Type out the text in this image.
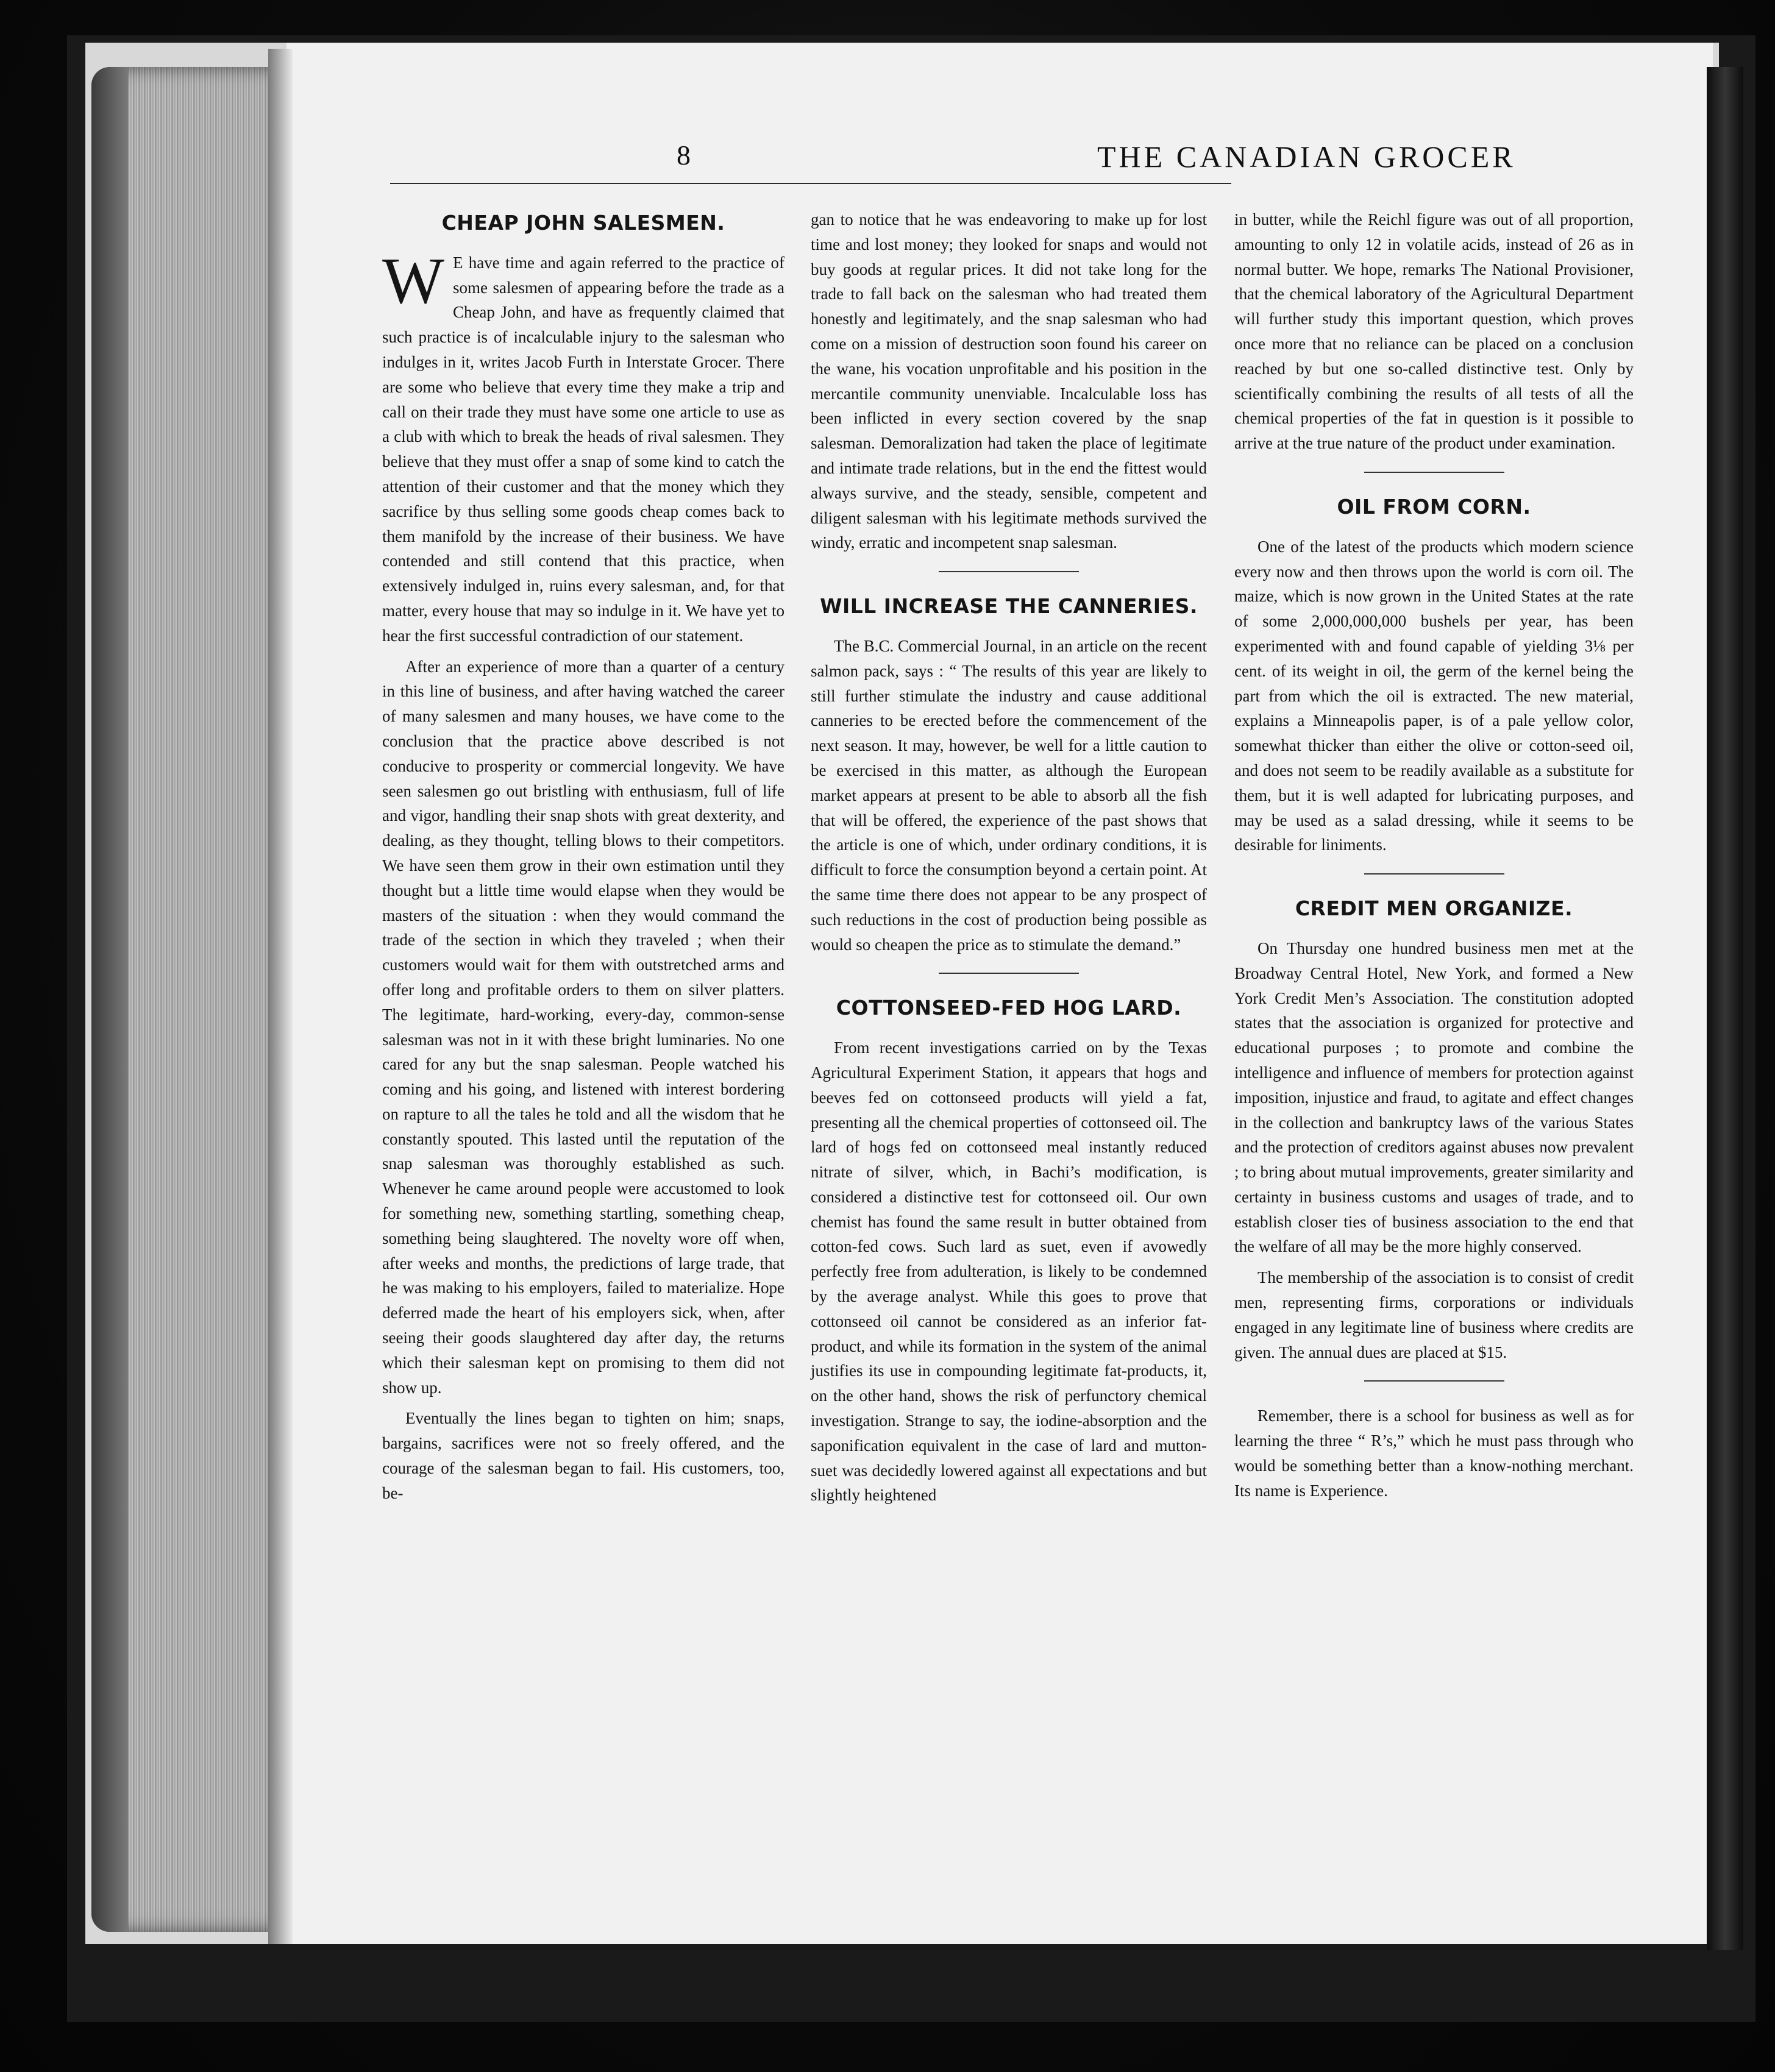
8	THE CANADIAN GROCER
CHEAP JOHN SALESMEN.

W E have time and again referred to the practice of some salesmen of appearing before the trade as a Cheap John, and have as frequently claimed that such practice is of incalculable injury to the salesman who indulges in it, writes Jacob Furth in Interstate Grocer. There are some who believe that every time they make a trip and call on their trade they must have some one article to use as a club with which to break the heads of rival salesmen. They believe that they must offer a snap of some kind to catch the attention of their customer and that the money which they sacrifice by thus selling some goods cheap comes back to them manifold by the increase of their business. We have contended and still contend that this practice, when extensively indulged in, ruins every salesman, and, for that matter, every house that may so indulge in it. We have yet to hear the first successful contradiction of our statement.

After an experience of more than a quarter of a century in this line of business, and after having watched the career of many salesmen and many houses, we have come to the conclusion that the practice above described is not conducive to prosperity or commercial longevity. We have seen salesmen go out bristling with enthusiasm, full of life and vigor, handling their snap shots with great dexterity, and dealing, as they thought, telling blows to their competitors. We have seen them grow in their own estimation until they thought but a little time would elapse when they would be masters of the situation : when they would command the trade of the section in which they traveled ; when their customers would wait for them with outstretched arms and offer long and profitable orders to them on silver platters. The legitimate, hard-working, every-day, common-sense salesman was not in it with these bright luminaries. No one cared for any but the snap salesman. People watched his coming and his going, and listened with interest bordering on rapture to all the tales he told and all the wisdom that he constantly spouted. This lasted until the reputation of the snap salesman was thoroughly established as such. Whenever he came around people were accustomed to look for something new, something startling, something cheap, something being slaughtered. The novelty wore off when, after weeks and months, the predictions of large trade, that he was making to his employers, failed to materialize. Hope deferred made the heart of his employers sick, when, after seeing their goods slaughtered day after day, the returns which their salesman kept on promising to them did not show up.

Eventually the lines began to tighten on him; snaps, bargains, sacrifices were not so freely offered, and the courage of the salesman began to fail. His customers, too, be-

gan to notice that he was endeavoring to make up for lost time and lost money; they looked for snaps and would not buy goods at regular prices. It did not take long for the trade to fall back on the salesman who had treated them honestly and legitimately, and the snap salesman who had come on a mission of destruction soon found his career on the wane, his vocation unprofitable and his position in the mercantile community unenviable. Incalculable loss has been inflicted in every section covered by the snap salesman. Demoralization had taken the place of legitimate and intimate trade relations, but in the end the fittest would always survive, and the steady, sensible, competent and diligent salesman with his legitimate methods survived the windy, erratic and incompetent snap salesman.

WILL INCREASE THE CANNERIES.

The B.C. Commercial Journal, in an article on the recent salmon pack, says : “ The results of this year are likely to still further stimulate the industry and cause additional canneries to be erected before the commencement of the next season. It may, however, be well for a little caution to be exercised in this matter, as although the European market appears at present to be able to absorb all the fish that will be offered, the experience of the past shows that the article is one of which, under ordinary conditions, it is difficult to force the consumption beyond a certain point. At the same time there does not appear to be any prospect of such reductions in the cost of production being possible as would so cheapen the price as to stimulate the demand.”

COTTONSEED-FED HOG LARD.

From recent investigations carried on by the Texas Agricultural Experiment Station, it appears that hogs and beeves fed on cottonseed products will yield a fat, presenting all the chemical properties of cottonseed oil. The lard of hogs fed on cottonseed meal instantly reduced nitrate of silver, which, in Bachi’s modification, is considered a distinctive test for cottonseed oil. Our own chemist has found the same result in butter obtained from cotton-fed cows. Such lard as suet, even if avowedly perfectly free from adulteration, is likely to be condemned by the average analyst. While this goes to prove that cottonseed oil cannot be considered as an inferior fat-product, and while its formation in the system of the animal justifies its use in compounding legitimate fat-products, it, on the other hand, shows the risk of perfunctory chemical investigation. Strange to say, the iodine-absorption and the saponification equivalent in the case of lard and mutton-suet was decidedly lowered against all expectations and but slightly heightened

in butter, while the Reichl figure was out of all proportion, amounting to only 12 in volatile acids, instead of 26 as in normal butter. We hope, remarks The National Provisioner, that the chemical laboratory of the Agricultural Department will further study this important question, which proves once more that no reliance can be placed on a conclusion reached by but one so-called distinctive test. Only by scientifically combining the results of all tests of all the chemical properties of the fat in question is it possible to arrive at the true nature of the product under examination.

OIL FROM CORN.

One of the latest of the products which modern science every now and then throws upon the world is corn oil. The maize, which is now grown in the United States at the rate of some 2,000,000,000 bushels per year, has been experimented with and found capable of yielding 3⅛ per cent. of its weight in oil, the germ of the kernel being the part from which the oil is extracted. The new material, explains a Minneapolis paper, is of a pale yellow color, somewhat thicker than either the olive or cotton-seed oil, and does not seem to be readily available as a substitute for them, but it is well adapted for lubricating purposes, and may be used as a salad dressing, while it seems to be desirable for liniments.

CREDIT MEN ORGANIZE.

On Thursday one hundred business men met at the Broadway Central Hotel, New York, and formed a New York Credit Men’s Association. The constitution adopted states that the association is organized for protective and educational purposes ; to promote and combine the intelligence and influence of members for protection against imposition, injustice and fraud, to agitate and effect changes in the collection and bankruptcy laws of the various States and the protection of creditors against abuses now prevalent ; to bring about mutual improvements, greater similarity and certainty in business customs and usages of trade, and to establish closer ties of business association to the end that the welfare of all may be the more highly conserved.

The membership of the association is to consist of credit men, representing firms, corporations or individuals engaged in any legitimate line of business where credits are given. The annual dues are placed at $15.

Remember, there is a school for business as well as for learning the three “ R’s,” which he must pass through who would be something better than a know-nothing merchant. Its name is Experience.
